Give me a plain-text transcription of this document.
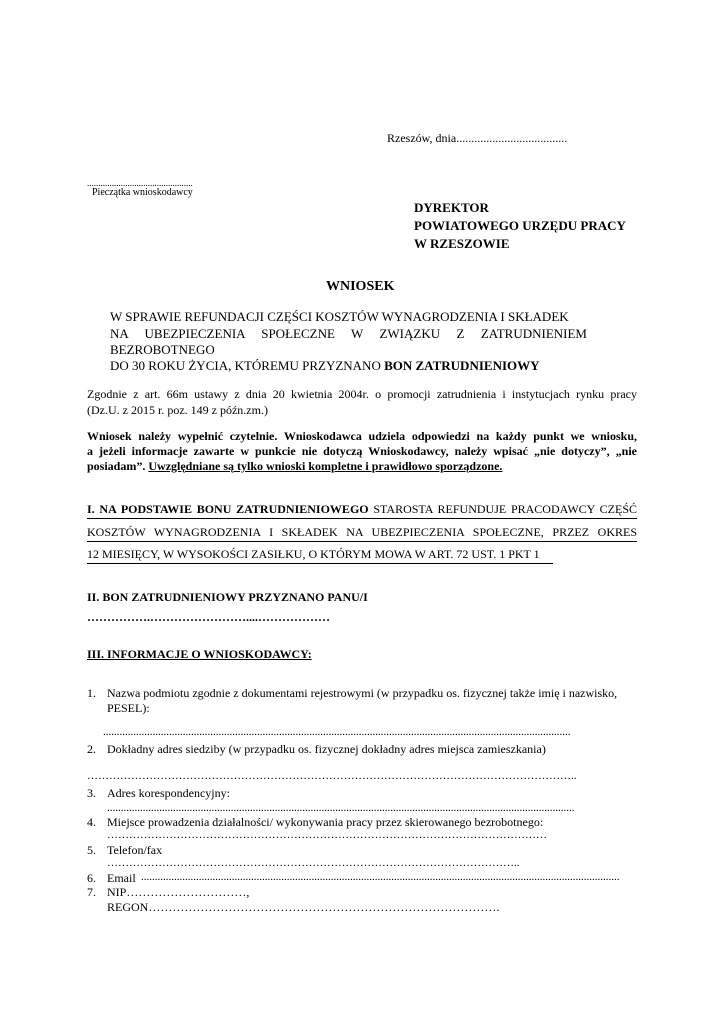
Rzeszów, dnia.....................................
...............................................
Pieczątka wnioskodawcy
DYREKTOR
POWIATOWEGO URZĘDU PRACY
W RZESZOWIE
WNIOSEK
W SPRAWIE REFUNDACJI CZĘŚCI KOSZTÓW WYNAGRODZENIA I SKŁADEK
NA UBEZPIECZENIA SPOŁECZNE W ZWIĄZKU Z ZATRUDNIENIEM
BEZROBOTNEGO
DO 30 ROKU ŻYCIA, KTÓREMU PRZYZNANO BON ZATRUDNIENIOWY
Zgodnie z art. 66m ustawy z dnia 20 kwietnia 2004r. o promocji zatrudnienia i instytucjach rynku pracy
(Dz.U. z 2015 r. poz. 149 z późn.zm.)
Wniosek należy wypełnić czytelnie. Wnioskodawca udziela odpowiedzi na każdy punkt we wniosku,
a jeżeli informacje zawarte w punkcie nie dotyczą Wnioskodawcy, należy wpisać „nie dotyczy”, „nie
posiadam”. Uwzględniane są tylko wnioski kompletne i prawidłowo sporządzone.
I. NA PODSTAWIE BONU ZATRUDNIENIOWEGO STAROSTA REFUNDUJE PRACODAWCY CZĘŚĆ
KOSZTÓW WYNAGRODZENIA I SKŁADEK NA UBEZPIECZENIA SPOŁECZNE, PRZEZ OKRES
12 MIESIĘCY, W WYSOKOŚCI ZASIŁKU, O KTÓRYM MOWA W ART. 72 UST. 1 PKT 1
II. BON ZATRUDNIENIOWY PRZYZNANO PANU/I
…………….……………………....………………
III. INFORMACJE O WNIOSKODAWCY:
1. Nazwa podmiotu zgodnie z dokumentami rejestrowymi (w przypadku os. fizycznej także imię i nazwisko,
PESEL):
..........................................................................................................................................................................
2. Dokładny adres siedziby (w przypadku os. fizycznej dokładny adres miejsca zamieszkania)
……………………………………………………………………………………………………………………..
3. Adres korespondencyjny:
..........................................................................................................................................................................
4. Miejsce prowadzenia działalności/ wykonywania pracy przez skierowanego bezrobotnego:
…………………………………………………………………………………………………………
5. Telefon/fax
…………………………………………………………………………………………………..
6. Email ..............................................................................................................................................................................
7. NIP…………………………,
REGON…………………………………………………………………………….
